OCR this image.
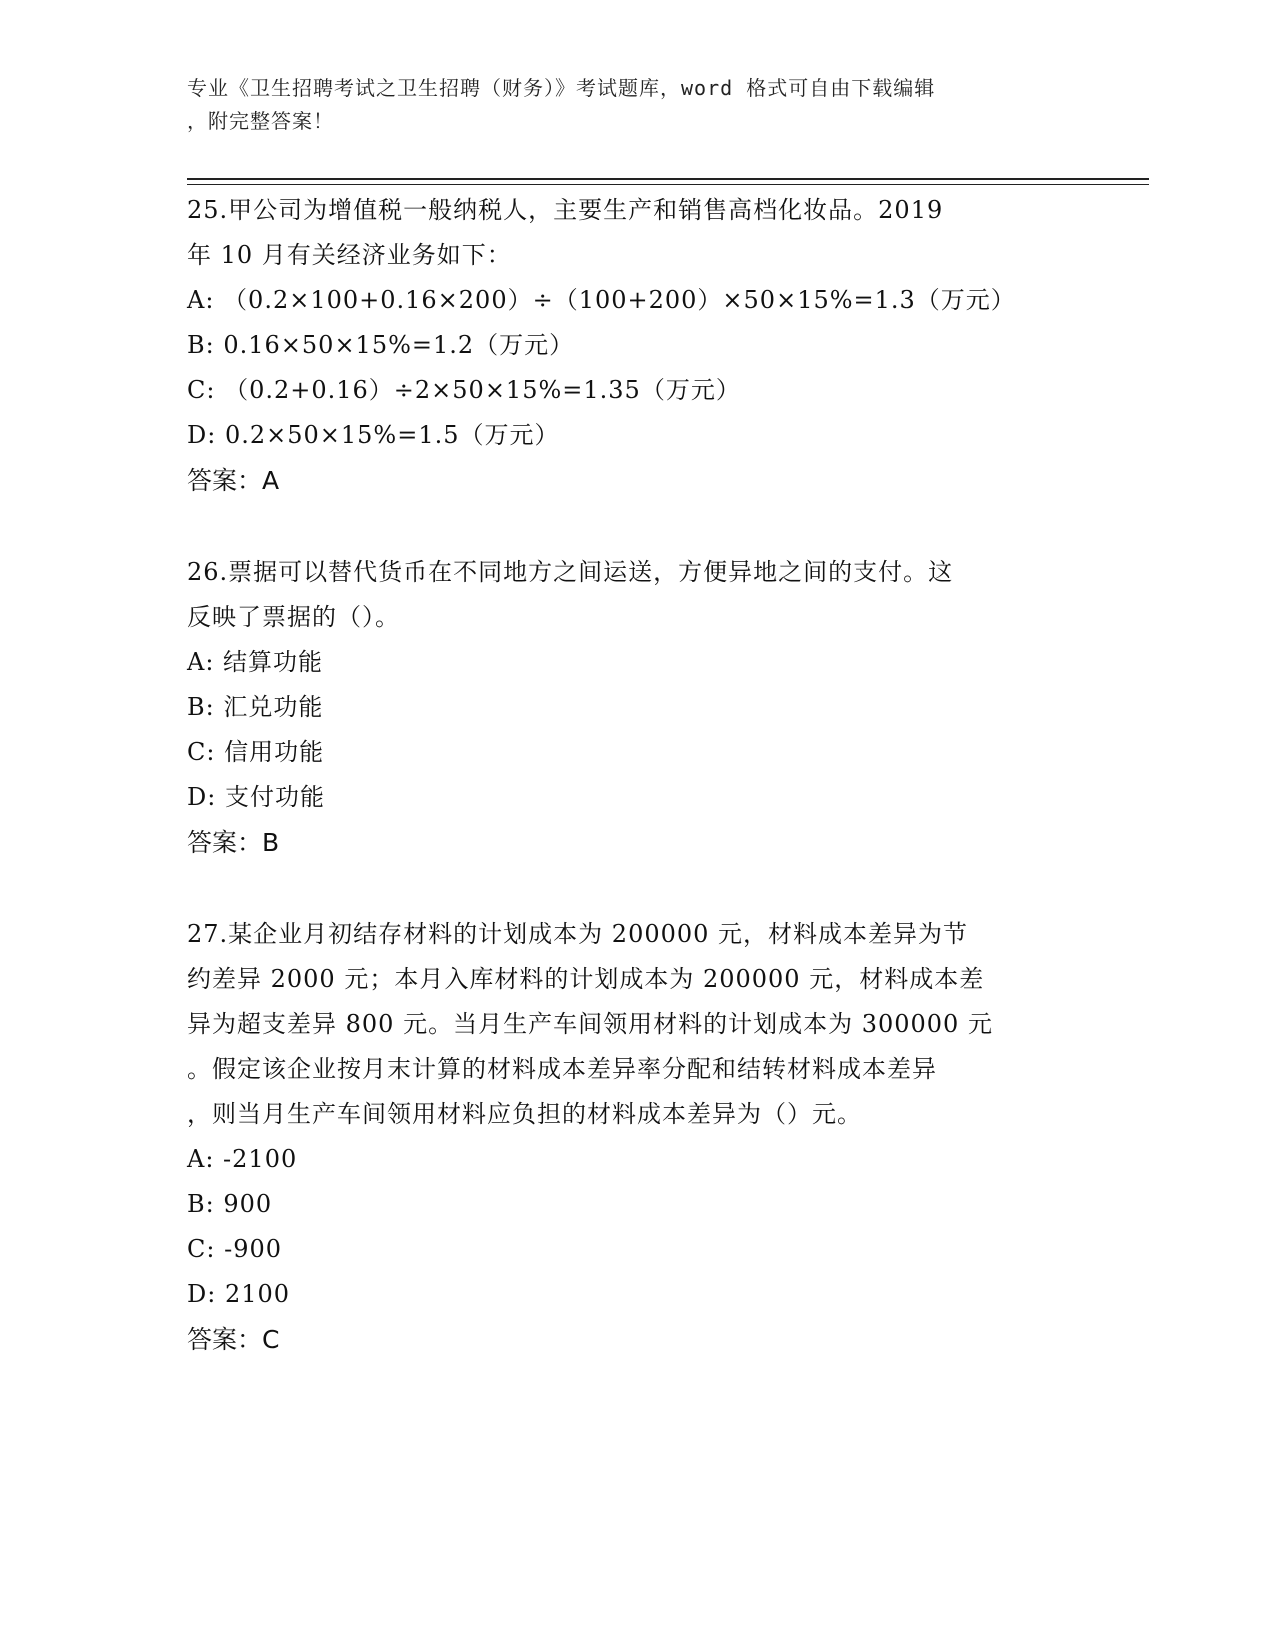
专业《卫生招聘考试之卫生招聘（财务）》考试题库，word 格式可自由下载编辑
，附完整答案！
25.甲公司为增值税一般纳税人，主要生产和销售高档化妆品。2019
年 10 月有关经济业务如下：
A: （0.2×100+0.16×200）÷（100+200）×50×15%=1.3（万元）
B: 0.16×50×15%=1.2（万元）
C: （0.2+0.16）÷2×50×15%=1.35（万元）
D: 0.2×50×15%=1.5（万元）
答案：A
26.票据可以替代货币在不同地方之间运送，方便异地之间的支付。这
反映了票据的（）。
A: 结算功能
B: 汇兑功能
C: 信用功能
D: 支付功能
答案：B
27.某企业月初结存材料的计划成本为 200000 元，材料成本差异为节
约差异 2000 元；本月入库材料的计划成本为 200000 元，材料成本差
异为超支差异 800 元。当月生产车间领用材料的计划成本为 300000 元
。假定该企业按月末计算的材料成本差异率分配和结转材料成本差异
，则当月生产车间领用材料应负担的材料成本差异为（）元。
A: -2100
B: 900
C: -900
D: 2100
答案：C
